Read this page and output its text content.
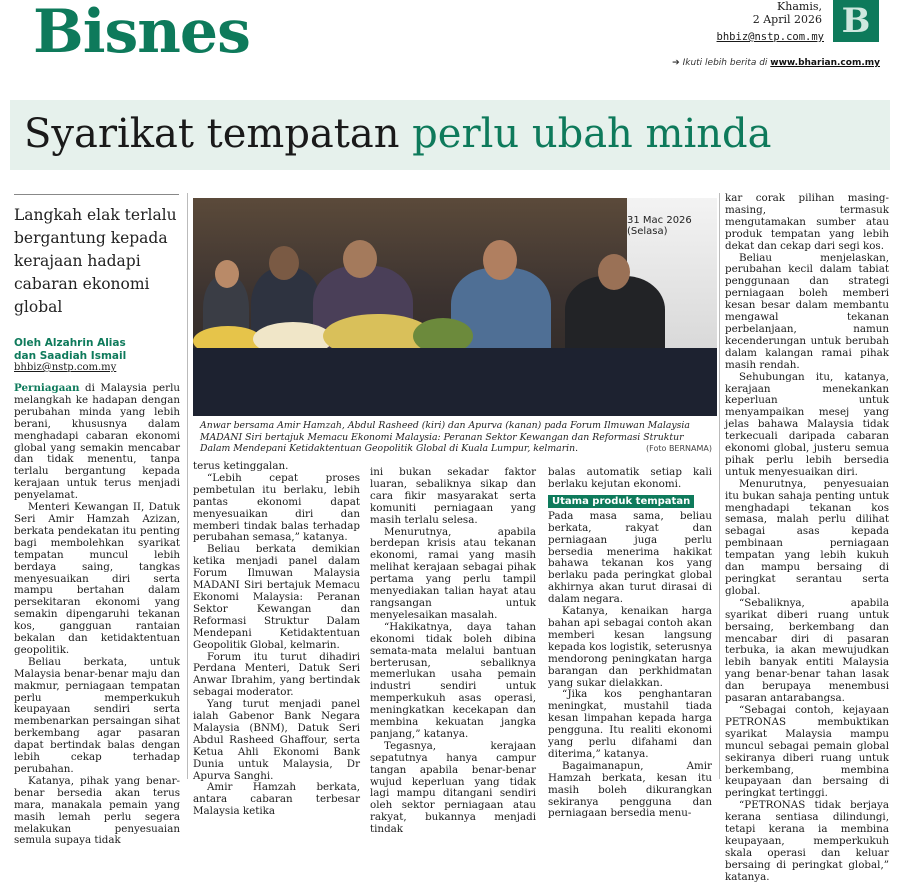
Bisnes	Khamis,
2 April 2026 B
bhbiz@nstp.com.my
➔ Ikuti lebih berita di www.bharian.com.my
Syarikat tempatan perlu ubah minda
Langkah elak terlalu bergantung kepada kerajaan hadapi cabaran ekonomi global
Oleh Alzahrin Alias
dan Saadiah Ismail
bhbiz@nstp.com.my
31 Mac 2026 (Selasa)
Anwar bersama Amir Hamzah, Abdul Rasheed (kiri) dan Apurva (kanan) pada Forum Ilmuwan Malaysia MADANI Siri bertajuk Memacu Ekonomi Malaysia: Peranan Sektor Kewangan dan Reformasi Struktur Dalam Mendepani Ketidaktentuan Geopolitik Global di Kuala Lumpur, kelmarin.	(Foto BERNAMA)

Perniagaan di Malaysia perlu melangkah ke hadapan dengan perubahan minda yang lebih berani, khususnya dalam menghadapi cabaran ekonomi global yang semakin mencabar dan tidak menentu, tanpa terlalu bergantung kepada kerajaan untuk terus menjadi penyelamat.

Menteri Kewangan II, Datuk Seri Amir Hamzah Azizan, berkata pendekatan itu penting bagi membolehkan syarikat tempatan muncul lebih berdaya saing, tangkas menyesuaikan diri serta mampu bertahan dalam persekitaran ekonomi yang semakin dipengaruhi tekanan kos, gangguan rantaian bekalan dan ketidaktentuan geopolitik.

Beliau berkata, untuk Malaysia benar-benar maju dan makmur, perniagaan tempatan perlu memperkukuh keupayaan sendiri serta membenarkan persaingan sihat berkembang agar pasaran dapat bertindak balas dengan lebih cekap terhadap perubahan.

Katanya, pihak yang benar-benar bersedia akan terus mara, manakala pemain yang masih lemah perlu segera melakukan penyesuaian semula supaya tidak

terus ketinggalan.

“Lebih cepat proses pembetulan itu berlaku, lebih pantas ekonomi dapat menyesuaikan diri dan memberi tindak balas terhadap perubahan semasa,” katanya.

Beliau berkata demikian ketika menjadi panel dalam Forum Ilmuwan Malaysia MADANI Siri bertajuk Memacu Ekonomi Malaysia: Peranan Sektor Kewangan dan Reformasi Struktur Dalam Mendepani Ketidaktentuan Geopolitik Global, kelmarin.

Forum itu turut dihadiri Perdana Menteri, Datuk Seri Anwar Ibrahim, yang bertindak sebagai moderator.

Yang turut menjadi panel ialah Gabenor Bank Negara Malaysia (BNM), Datuk Seri Abdul Rasheed Ghaffour, serta Ketua Ahli Ekonomi Bank Dunia untuk Malaysia, Dr Apurva Sanghi.

Amir Hamzah berkata, antara cabaran terbesar Malaysia ketika

ini bukan sekadar faktor luaran, sebaliknya sikap dan cara fikir masyarakat serta komuniti perniagaan yang masih terlalu selesa.

Menurutnya, apabila berdepan krisis atau tekanan ekonomi, ramai yang masih melihat kerajaan sebagai pihak pertama yang perlu tampil menyediakan talian hayat atau rangsangan untuk menyelesaikan masalah.

“Hakikatnya, daya tahan ekonomi tidak boleh dibina semata-mata melalui bantuan berterusan, sebaliknya memerlukan usaha pemain industri sendiri untuk memperkukuh asas operasi, meningkatkan kecekapan dan membina kekuatan jangka panjang,” katanya.

Tegasnya, kerajaan sepatutnya hanya campur tangan apabila benar-benar wujud keperluan yang tidak lagi mampu ditangani sendiri oleh sektor perniagaan atau rakyat, bukannya menjadi tindak

balas automatik setiap kali berlaku kejutan ekonomi.

Utama produk tempatan

Pada masa sama, beliau berkata, rakyat dan perniagaan juga perlu bersedia menerima hakikat bahawa tekanan kos yang berlaku pada peringkat global akhirnya akan turut dirasai di dalam negara.

Katanya, kenaikan harga bahan api sebagai contoh akan memberi kesan langsung kepada kos logistik, seterusnya mendorong peningkatan harga barangan dan perkhidmatan yang sukar dielakkan.

“Jika kos penghantaran meningkat, mustahil tiada kesan limpahan kepada harga pengguna. Itu realiti ekonomi yang perlu difahami dan diterima,” katanya.

Bagaimanapun, Amir Hamzah berkata, kesan itu masih boleh dikurangkan sekiranya pengguna dan perniagaan bersedia menu-

kar corak pilihan masing-masing, termasuk mengutamakan sumber atau produk tempatan yang lebih dekat dan cekap dari segi kos.

Beliau menjelaskan, perubahan kecil dalam tabiat penggunaan dan strategi perniagaan boleh memberi kesan besar dalam membantu mengawal tekanan perbelanjaan, namun kecenderungan untuk berubah dalam kalangan ramai pihak masih rendah.

Sehubungan itu, katanya, kerajaan menekankan keperluan untuk menyampaikan mesej yang jelas bahawa Malaysia tidak terkecuali daripada cabaran ekonomi global, justeru semua pihak perlu lebih bersedia untuk menyesuaikan diri.

Menurutnya, penyesuaian itu bukan sahaja penting untuk menghadapi tekanan kos semasa, malah perlu dilihat sebagai asas kepada pembinaan perniagaan tempatan yang lebih kukuh dan mampu bersaing di peringkat serantau serta global.

“Sebaliknya, apabila syarikat diberi ruang untuk bersaing, berkembang dan mencabar diri di pasaran terbuka, ia akan mewujudkan lebih banyak entiti Malaysia yang benar-benar tahan lasak dan berupaya menembusi pasaran antarabangsa.

“Sebagai contoh, kejayaan PETRONAS membuktikan syarikat Malaysia mampu muncul sebagai pemain global sekiranya diberi ruang untuk berkembang, membina keupayaan dan bersaing di peringkat tertinggi.

“PETRONAS tidak berjaya kerana sentiasa dilindungi, tetapi kerana ia membina keupayaan, memperkukuh skala operasi dan keluar bersaing di peringkat global,” katanya.
